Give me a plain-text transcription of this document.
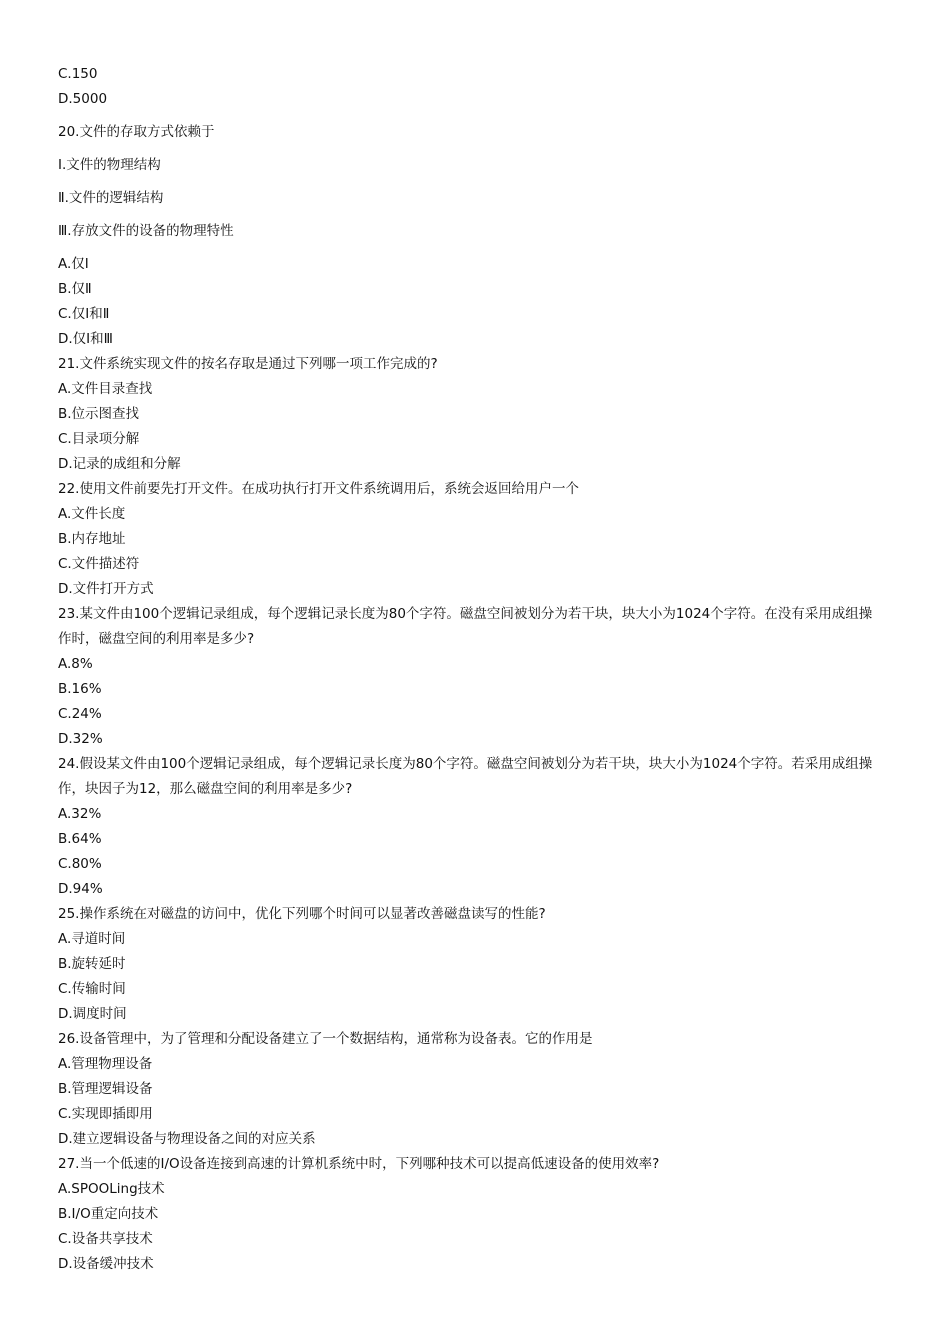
C.150
D.5000
20.文件的存取方式依赖于
Ⅰ.文件的物理结构
Ⅱ.文件的逻辑结构
Ⅲ.存放文件的设备的物理特性
A.仅Ⅰ
B.仅Ⅱ
C.仅Ⅰ和Ⅱ
D.仅Ⅰ和Ⅲ
21.文件系统实现文件的按名存取是通过下列哪一项工作完成的?
A.文件目录查找
B.位示图查找
C.目录项分解
D.记录的成组和分解
22.使用文件前要先打开文件。在成功执行打开文件系统调用后，系统会返回给用户一个
A.文件长度
B.内存地址
C.文件描述符
D.文件打开方式
23.某文件由100个逻辑记录组成，每个逻辑记录长度为80个字符。磁盘空间被划分为若干块，块大小为1024个字符。在没有采用成组操
作时，磁盘空间的利用率是多少?
A.8%
B.16%
C.24%
D.32%
24.假设某文件由100个逻辑记录组成，每个逻辑记录长度为80个字符。磁盘空间被划分为若干块，块大小为1024个字符。若采用成组操
作，块因子为12，那么磁盘空间的利用率是多少?
A.32%
B.64%
C.80%
D.94%
25.操作系统在对磁盘的访问中，优化下列哪个时间可以显著改善磁盘读写的性能?
A.寻道时间
B.旋转延时
C.传输时间
D.调度时间
26.设备管理中，为了管理和分配设备建立了一个数据结构，通常称为设备表。它的作用是
A.管理物理设备
B.管理逻辑设备
C.实现即插即用
D.建立逻辑设备与物理设备之间的对应关系
27.当一个低速的I/O设备连接到高速的计算机系统中时，下列哪种技术可以提高低速设备的使用效率?
A.SPOOLing技术
B.I/O重定向技术
C.设备共享技术
D.设备缓冲技术
